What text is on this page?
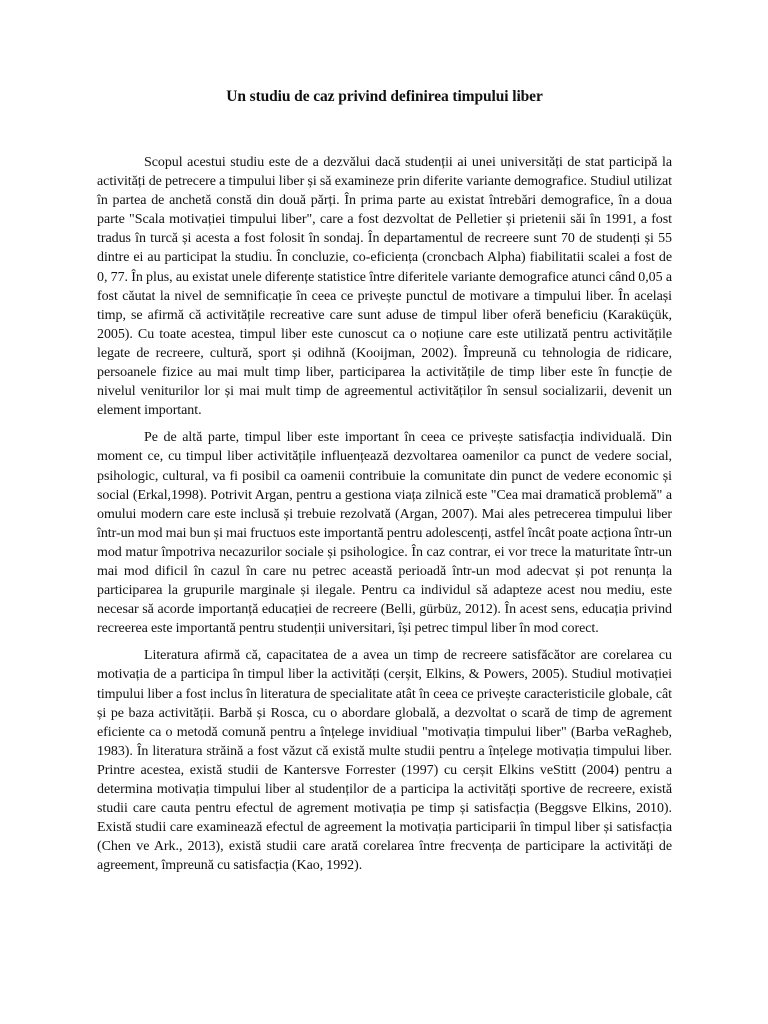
Un studiu de caz privind definirea timpului liber

Scopul acestui studiu este de a dezvălui dacă studenții ai unei universități de stat participă la activități de petrecere a timpului liber și să examineze prin diferite variante demografice. Studiul utilizat în partea de anchetă constă din două părți. În prima parte au existat întrebări demografice, în a doua parte "Scala motivației timpului liber", care a fost dezvoltat de Pelletier și prietenii săi în 1991, a fost tradus în turcă și acesta a fost folosit în sondaj. În departamentul de recreere sunt 70 de studenți și 55 dintre ei au participat la studiu. În concluzie, co-eficiența (croncbach Alpha) fiabilitatii scalei a fost de 0, 77. În plus, au existat unele diferențe statistice între diferitele variante demografice atunci când 0,05 a fost căutat la nivel de semnificație în ceea ce privește punctul de motivare a timpului liber. În același timp, se afirmă că activitățile recreative care sunt aduse de timpul liber oferă beneficiu (Karaküçük, 2005). Cu toate acestea, timpul liber este cunoscut ca o noțiune care este utilizată pentru activitățile legate de recreere, cultură, sport și odihnă (Kooijman, 2002). Împreună cu tehnologia de ridicare, persoanele fizice au mai mult timp liber, participarea la activitățile de timp liber este în funcție de nivelul veniturilor lor și mai mult timp de agreementul activităților în sensul socializarii, devenit un element important.

Pe de altă parte, timpul liber este important în ceea ce privește satisfacția individuală. Din moment ce, cu timpul liber activitățile influențează dezvoltarea oamenilor ca punct de vedere social, psihologic, cultural, va fi posibil ca oamenii contribuie la comunitate din punct de vedere economic și social (Erkal,1998). Potrivit Argan, pentru a gestiona viața zilnică este "Cea mai dramatică problemă" a omului modern care este inclusă și trebuie rezolvată (Argan, 2007). Mai ales petrecerea timpului liber într-un mod mai bun și mai fructuos este importantă pentru adolescenți, astfel încât poate acționa într-un mod matur împotriva necazurilor sociale și psihologice. În caz contrar, ei vor trece la maturitate într-un mai mod dificil în cazul în care nu petrec această perioadă într-un mod adecvat și pot renunța la participarea la grupurile marginale și ilegale. Pentru ca individul să adapteze acest nou mediu, este necesar să acorde importanță educației de recreere (Belli, gürbüz, 2012). În acest sens, educația privind recreerea este importantă pentru studenții universitari, își petrec timpul liber în mod corect.

Literatura afirmă că, capacitatea de a avea un timp de recreere satisfăcător are corelarea cu motivația de a participa în timpul liber la activități (cerșit, Elkins, & Powers, 2005). Studiul motivației timpului liber a fost inclus în literatura de specialitate atât în ceea ce privește caracteristicile globale, cât și pe baza activității. Barbă și Rosca, cu o abordare globală, a dezvoltat o scară de timp de agrement eficiente ca o metodă comună pentru a înțelege invidiual "motivația timpului liber" (Barba veRagheb, 1983). În literatura străină a fost văzut că există multe studii pentru a înțelege motivația timpului liber. Printre acestea, există studii de Kantersve Forrester (1997) cu cerșit Elkins veStitt (2004) pentru a determina motivația timpului liber al studenților de a participa la activități sportive de recreere, există studii care cauta pentru efectul de agrement motivația pe timp și satisfacția (Beggsve Elkins, 2010). Există studii care examinează efectul de agreement la motivația participarii în timpul liber și satisfacția (Chen ve Ark., 2013), există studii care arată corelarea între frecvența de participare la activități de agreement, împreună cu satisfacția (Kao, 1992).
